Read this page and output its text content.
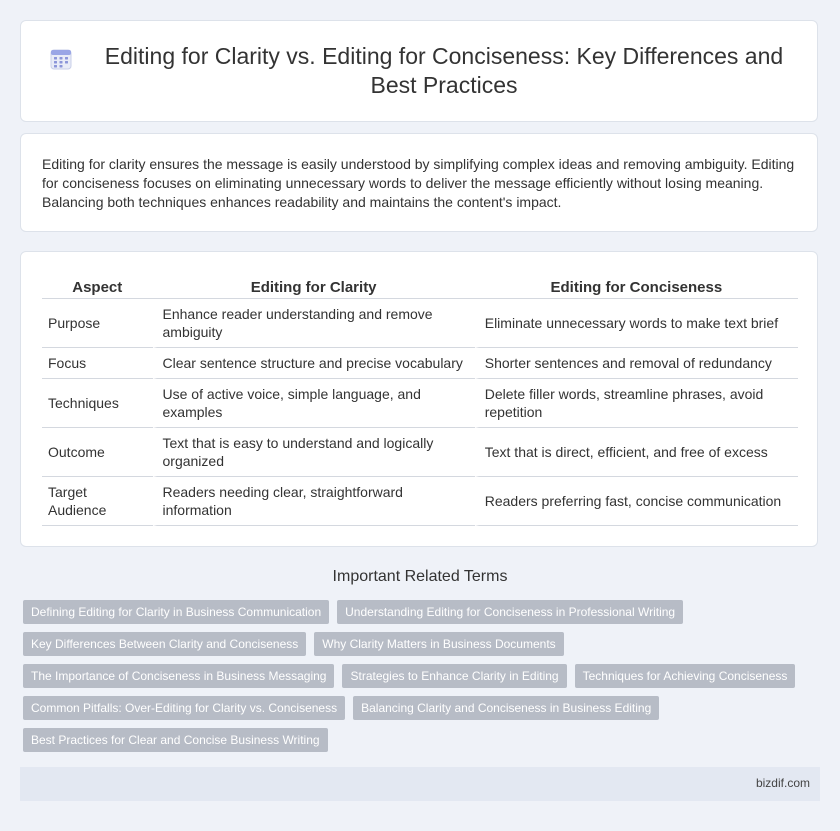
Editing for Clarity vs. Editing for Conciseness: Key Differences and Best Practices

Editing for clarity ensures the message is easily understood by simplifying complex ideas and removing ambiguity. Editing for conciseness focuses on eliminating unnecessary words to deliver the message efficiently without losing meaning. Balancing both techniques enhances readability and maintains the content's impact.

Aspect	Editing for Clarity	Editing for Conciseness
Purpose	Enhance reader understanding and remove ambiguity	Eliminate unnecessary words to make text brief
Focus	Clear sentence structure and precise vocabulary	Shorter sentences and removal of redundancy
Techniques	Use of active voice, simple language, and examples	Delete filler words, streamline phrases, avoid repetition
Outcome	Text that is easy to understand and logically organized	Text that is direct, efficient, and free of excess
Target Audience	Readers needing clear, straightforward information	Readers preferring fast, concise communication
Important Related Terms
Defining Editing for Clarity in Business Communication Understanding Editing for Conciseness in Professional Writing
Key Differences Between Clarity and Conciseness Why Clarity Matters in Business Documents
The Importance of Conciseness in Business Messaging Strategies to Enhance Clarity in Editing Techniques for Achieving Conciseness
Common Pitfalls: Over-Editing for Clarity vs. Conciseness Balancing Clarity and Conciseness in Business Editing
Best Practices for Clear and Concise Business Writing
bizdif.com
